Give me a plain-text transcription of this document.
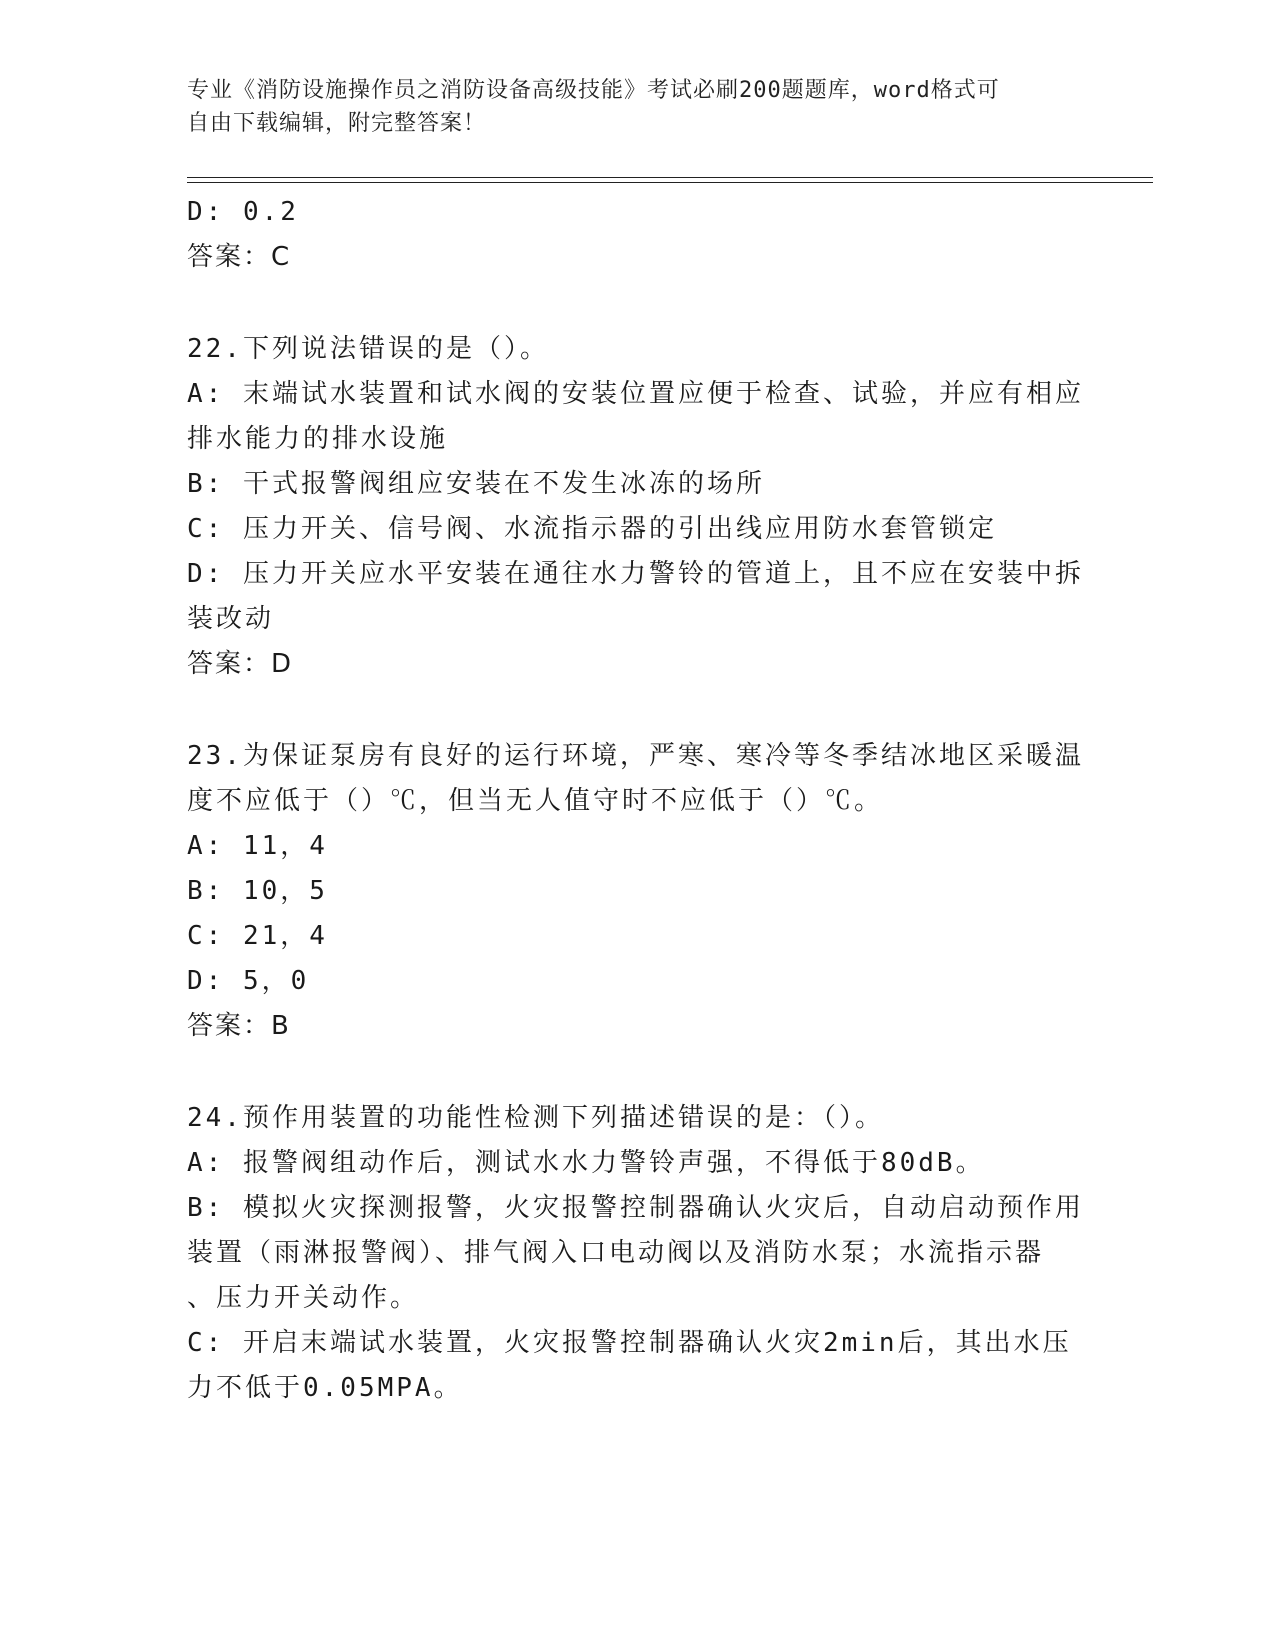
专业《消防设施操作员之消防设备高级技能》考试必刷200题题库，word格式可
自由下载编辑，附完整答案！
D: 0.2
答案：C
22.下列说法错误的是（）。
A: 末端试水装置和试水阀的安装位置应便于检查、试验，并应有相应
排水能力的排水设施
B: 干式报警阀组应安装在不发生冰冻的场所
C: 压力开关、信号阀、水流指示器的引出线应用防水套管锁定
D: 压力开关应水平安装在通往水力警铃的管道上，且不应在安装中拆
装改动
答案：D
23.为保证泵房有良好的运行环境，严寒、寒冷等冬季结冰地区采暖温
度不应低于（）℃，但当无人值守时不应低于（）℃。
A: 11，4
B: 10，5
C: 21，4
D: 5，0
答案：B
24.预作用装置的功能性检测下列描述错误的是：（）。
A: 报警阀组动作后，测试水水力警铃声强，不得低于80dB。
B: 模拟火灾探测报警，火灾报警控制器确认火灾后，自动启动预作用
装置（雨淋报警阀）、排气阀入口电动阀以及消防水泵；水流指示器
、压力开关动作。
C: 开启末端试水装置，火灾报警控制器确认火灾2min后，其出水压
力不低于0.05MPA。
